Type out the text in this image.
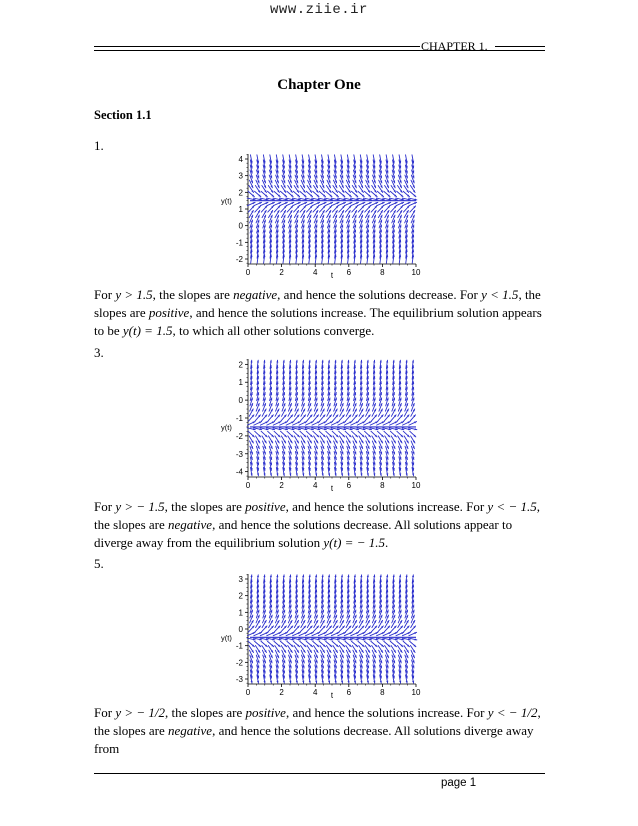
www.ziie.ir
CHAPTER 1.
Chapter One
Section 1.1
1.
-2
-1
0
1
2
3
4
0	2	4	6	8	10
t
y(t)

For y > 1.5, the slopes are negative, and hence the solutions decrease. For y < 1.5, the slopes are positive, and hence the solutions increase. The equilibrium solution appears to be y(t) = 1.5, to which all other solutions converge.

3.
2
1
0
-1
-2
-3
-4
0	2	4	6	8	10
t
y(t)

For y > − 1.5, the slopes are positive, and hence the solutions increase. For y < − 1.5, the slopes are negative, and hence the solutions decrease. All solutions appear to diverge away from the equilibrium solution y(t) = − 1.5.

5.
3
2
1
0
-1
-2
-3
0	2	4	6	8	10
t
y(t)

For y > − 1/2, the slopes are positive, and hence the solutions increase. For y < − 1/2, the slopes are negative, and hence the solutions decrease. All solutions diverge away from

page 1
